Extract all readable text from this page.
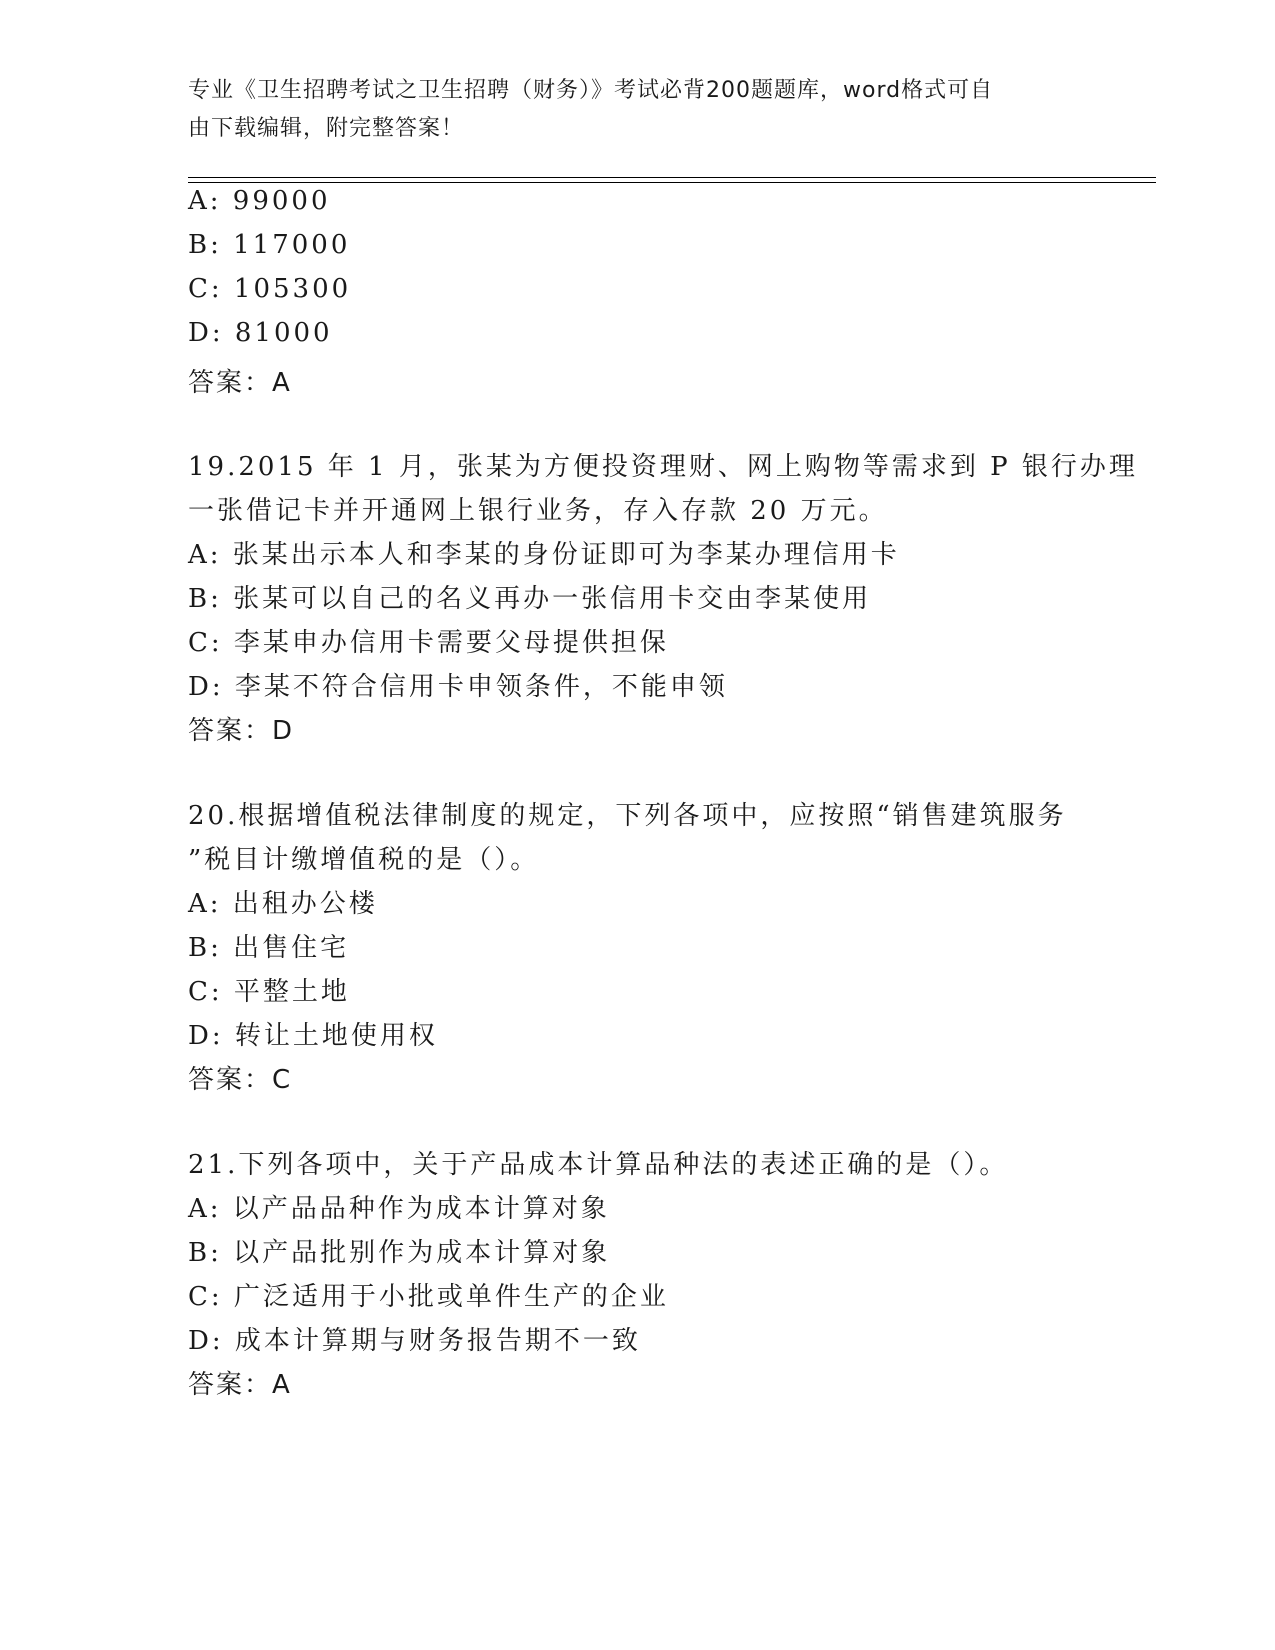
专业《卫生招聘考试之卫生招聘（财务）》考试必背200题题库，word格式可自
由下载编辑，附完整答案！
A: 99000
B: 117000
C: 105300
D: 81000
答案：A
19.2015 年 1 月，张某为方便投资理财、网上购物等需求到 P 银行办理
一张借记卡并开通网上银行业务，存入存款 20 万元。
A: 张某出示本人和李某的身份证即可为李某办理信用卡
B: 张某可以自己的名义再办一张信用卡交由李某使用
C: 李某申办信用卡需要父母提供担保
D: 李某不符合信用卡申领条件，不能申领
答案：D
20.根据增值税法律制度的规定，下列各项中，应按照“销售建筑服务
”税目计缴增值税的是（）。
A: 出租办公楼
B: 出售住宅
C: 平整土地
D: 转让土地使用权
答案：C
21.下列各项中，关于产品成本计算品种法的表述正确的是（）。
A: 以产品品种作为成本计算对象
B: 以产品批别作为成本计算对象
C: 广泛适用于小批或单件生产的企业
D: 成本计算期与财务报告期不一致
答案：A
